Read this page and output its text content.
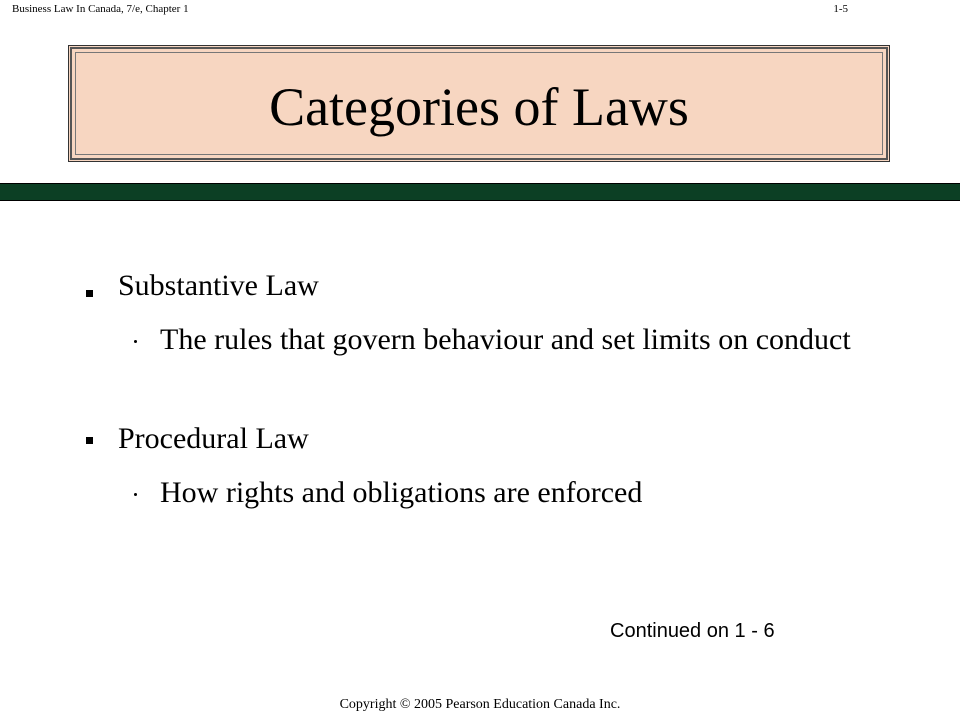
Business Law In Canada, 7/e, Chapter 1	1-5
Categories of Laws
Substantive Law
The rules that govern behaviour and set limits on conduct
Procedural Law
How rights and obligations are enforced
Continued on 1 - 6
Copyright © 2005 Pearson Education Canada Inc.
